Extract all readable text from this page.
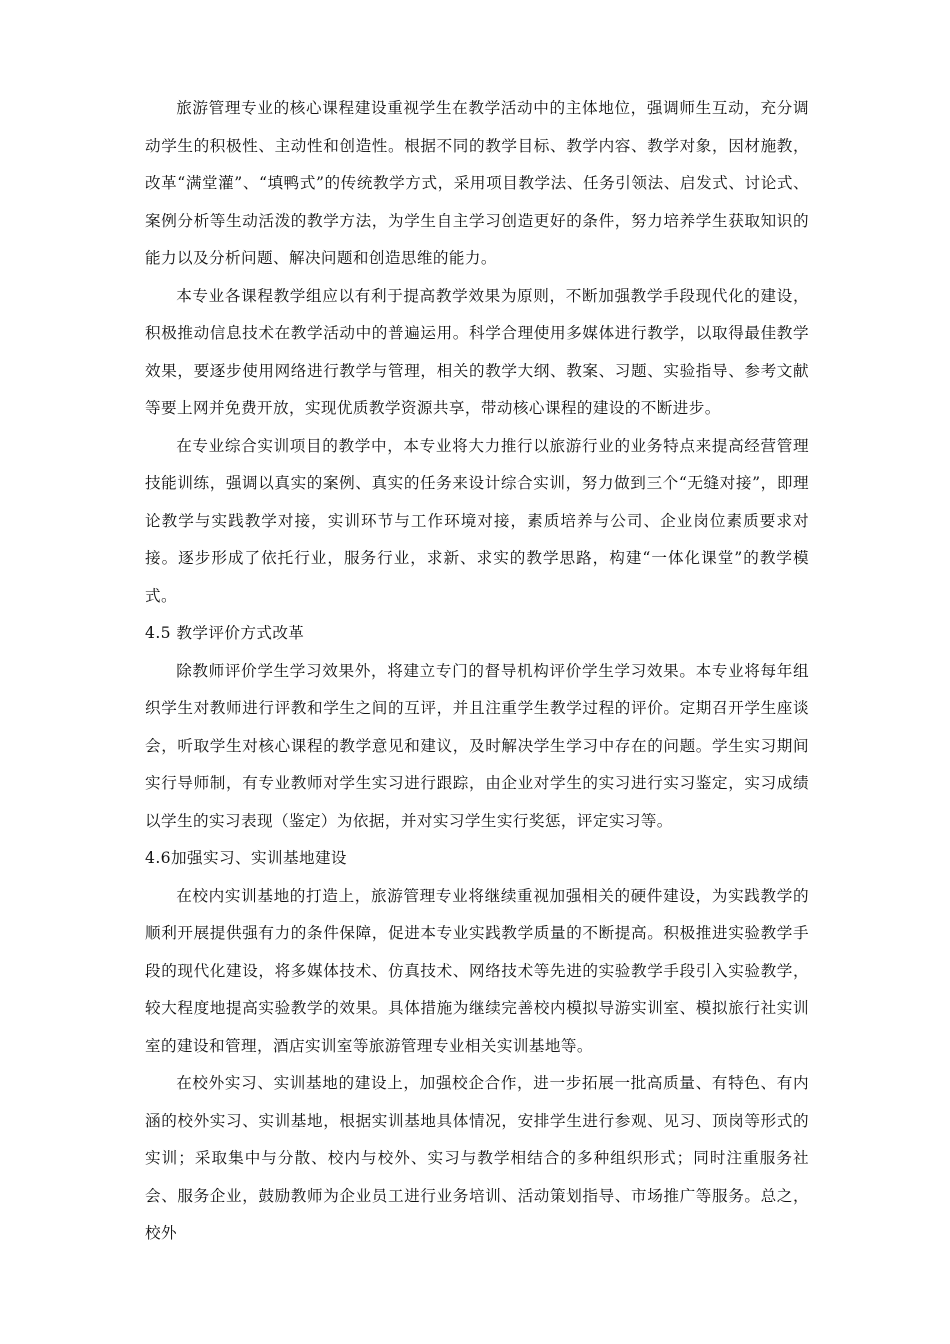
旅游管理专业的核心课程建设重视学生在教学活动中的主体地位，强调师生互动，充分调动学生的积极性、主动性和创造性。根据不同的教学目标、教学内容、教学对象，因材施教，改革“满堂灌”、“填鸭式”的传统教学方式，采用项目教学法、任务引领法、启发式、讨论式、案例分析等生动活泼的教学方法，为学生自主学习创造更好的条件，努力培养学生获取知识的能力以及分析问题、解决问题和创造思维的能力。

本专业各课程教学组应以有利于提高教学效果为原则，不断加强教学手段现代化的建设，积极推动信息技术在教学活动中的普遍运用。科学合理使用多媒体进行教学，以取得最佳教学效果，要逐步使用网络进行教学与管理，相关的教学大纲、教案、习题、实验指导、参考文献等要上网并免费开放，实现优质教学资源共享，带动核心课程的建设的不断进步。

在专业综合实训项目的教学中，本专业将大力推行以旅游行业的业务特点来提高经营管理技能训练，强调以真实的案例、真实的任务来设计综合实训，努力做到三个“无缝对接”，即理论教学与实践教学对接，实训环节与工作环境对接，素质培养与公司、企业岗位素质要求对接。逐步形成了依托行业，服务行业，求新、求实的教学思路，构建“一体化课堂”的教学模式。

4.5 教学评价方式改革

除教师评价学生学习效果外，将建立专门的督导机构评价学生学习效果。本专业将每年组织学生对教师进行评教和学生之间的互评，并且注重学生教学过程的评价。定期召开学生座谈会，听取学生对核心课程的教学意见和建议，及时解决学生学习中存在的问题。学生实习期间实行导师制，有专业教师对学生实习进行跟踪，由企业对学生的实习进行实习鉴定，实习成绩以学生的实习表现（鉴定）为依据，并对实习学生实行奖惩，评定实习等。

4.6加强实习、实训基地建设

在校内实训基地的打造上，旅游管理专业将继续重视加强相关的硬件建设，为实践教学的顺利开展提供强有力的条件保障，促进本专业实践教学质量的不断提高。积极推进实验教学手段的现代化建设，将多媒体技术、仿真技术、网络技术等先进的实验教学手段引入实验教学，较大程度地提高实验教学的效果。具体措施为继续完善校内模拟导游实训室、模拟旅行社实训室的建设和管理，酒店实训室等旅游管理专业相关实训基地等。

在校外实习、实训基地的建设上，加强校企合作，进一步拓展一批高质量、有特色、有内涵的校外实习、实训基地，根据实训基地具体情况，安排学生进行参观、见习、顶岗等形式的实训；采取集中与分散、校内与校外、实习与教学相结合的多种组织形式；同时注重服务社会、服务企业，鼓励教师为企业员工进行业务培训、活动策划指导、市场推广等服务。总之，校外
